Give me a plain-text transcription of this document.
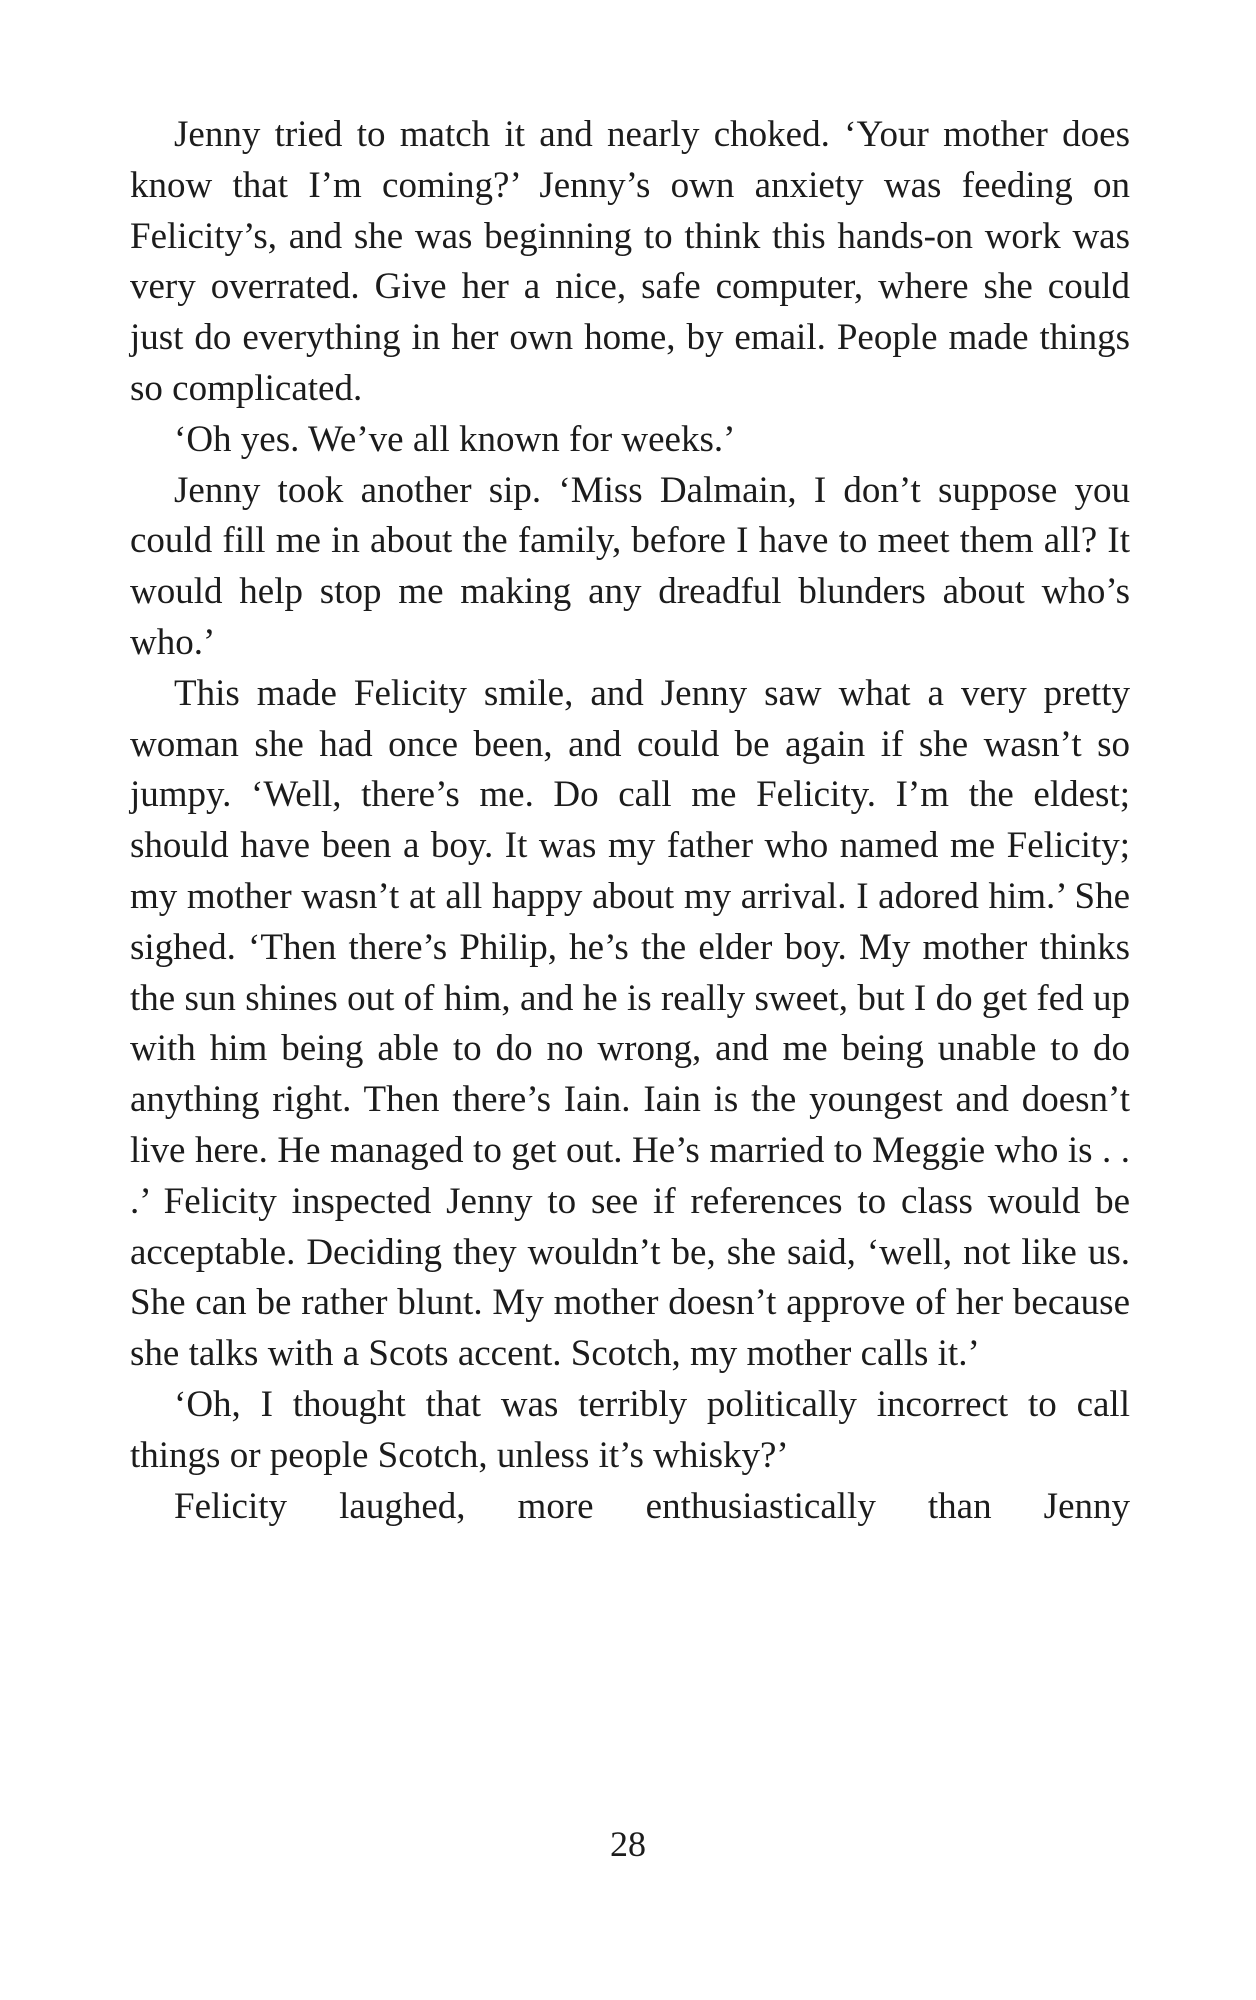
Jenny tried to match it and nearly choked. ‘Your mother does know that I’m coming?’ Jenny’s own anxiety was feeding on Felicity’s, and she was beginning to think this hands-on work was very overrated. Give her a nice, safe computer, where she could just do everything in her own home, by email. People made things so complicated.

‘Oh yes. We’ve all known for weeks.’

Jenny took another sip. ‘Miss Dalmain, I don’t suppose you could fill me in about the family, before I have to meet them all? It would help stop me making any dreadful blunders about who’s who.’

This made Felicity smile, and Jenny saw what a very pretty woman she had once been, and could be again if she wasn’t so jumpy. ‘Well, there’s me. Do call me Felicity. I’m the eldest; should have been a boy. It was my father who named me Felicity; my mother wasn’t at all happy about my arrival. I adored him.’ She sighed. ‘Then there’s Philip, he’s the elder boy. My mother thinks the sun shines out of him, and he is really sweet, but I do get fed up with him being able to do no wrong, and me being unable to do anything right. Then there’s Iain. Iain is the youngest and doesn’t live here. He managed to get out. He’s married to Meggie who is . . .’ Felicity inspected Jenny to see if references to class would be acceptable. Deciding they wouldn’t be, she said, ‘well, not like us. She can be rather blunt. My mother doesn’t approve of her because she talks with a Scots accent. Scotch, my mother calls it.’

‘Oh, I thought that was terribly politically incorrect to call things or people Scotch, unless it’s whisky?’

Felicity laughed, more enthusiastically than Jenny

28
